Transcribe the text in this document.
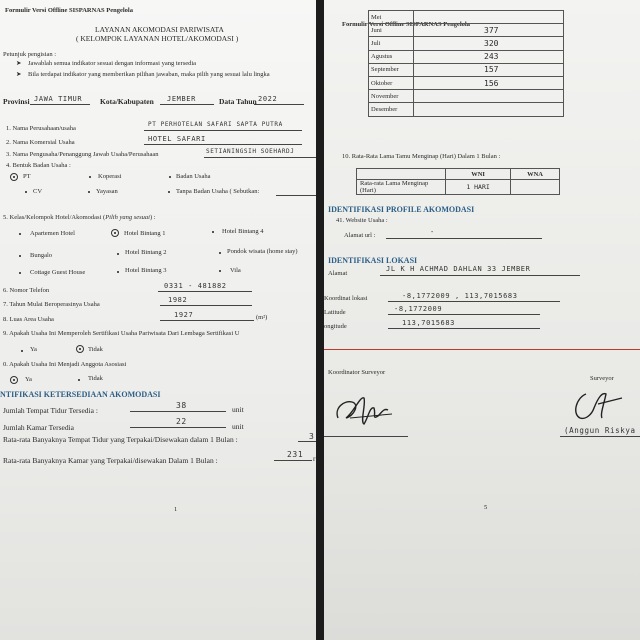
Formulir Versi Offline SISPARNAS Pengelola
LAYANAN AKOMODASI PARIWISATA
( KELOMPOK LAYANAN HOTEL/AKOMODASI )
Petunjuk pengisian :
➤ Jawablah semua indikator sesuai dengan informasi yang tersedia
➤ Bila terdapat indikator yang memberikan pilihan jawaban, maka pilih yang sesuai lalu lingka
Provinsi JAWA TIMUR Kota/Kabupaten JEMBER	Data Tahun 2022
1. Nama Perusahaan/usaha
PT PERHOTELAN SAFARI SAPTA PUTRA
2. Nama Komersial Usaha	HOTEL SAFARI
3. Nama Pengusaha/Penanggung Jawab Usaha/Perusahaan	SETIANINGSIH SOEHARDJ
4. Bentuk Badan Usaha :
PT	Koperasi	Badan Usaha
CV	Yayasan	Tanpa Badan Usaha ( Sebutkan:
5. Kelas/Kelompok Hotel/Akomodasi (Pilih yang sesuai) :
Apartemen Hotel	Hotel Bintang 1	Hotel Bintang 4
Bungalo	Hotel Bintang 2	Pondok wisata (home stay)
Cottage Guest House	Hotel Bintang 3	Vila
6. Nomor Telefon
0331 - 481882
7. Tahun Mulai Beroperasinya Usaha
1982
8. Luas Area Usaha
1927	(m²)
9. Apakah Usaha Ini Memperoleh Sertifikasi Usaha Pariwisata Dari Lembaga Sertifikasi U
Ya	Tidak
0. Apakah Usaha Ini Menjadi Anggota Asosiasi
Ya	Tidak
NTIFIKASI KETERSEDIAAN AKOMODASI
Jumlah Tempat Tidur Tersedia :
38	unit
Jumlah Kamar Tersedia
22
unit
Rata-rata Banyaknya Tempat Tidur yang Terpakai/Disewakan dalam 1 Bulan :	3
Rata-rata Banyaknya Kamar yang Terpakai/disewakan Dalam 1 Bulan :
231 r
1
Formulir Versi Offline SISPARNAS Pengelola
Mei	
Juni	377
Juli	320
Agustus	243
September	157
Oktober	156
November	
Desember	
10. Rata-Rata Lama Tamu Menginap (Hari) Dalam 1 Bulan :
	WNI	WNA
Rata-rata Lama Menginap (Hari)	1 HARI	
IDENTIFIKASI PROFILE AKOMODASI
41. Website Usaha :
Alamat url :	-
IDENTIFIKASI LOKASI
Alamat
JL K H ACHMAD DAHLAN 33 JEMBER
Koordinat lokasi	-8,1772009 , 113,7015683
Latitude	-8,1772009
ongitude	113,7015683
Koordinator Surveyor
Surveyor
(Anggun Riskya
5
